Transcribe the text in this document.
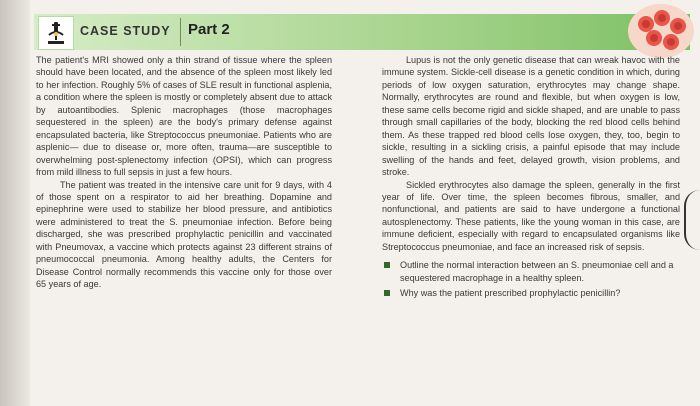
CASE STUDY Part 2

The patient's MRI showed only a thin strand of tissue where the spleen should have been located, and the absence of the spleen most likely led to her infection. Roughly 5% of cases of SLE result in functional asplenia, a condition where the spleen is mostly or completely absent due to attack by autoantibodies. Splenic macrophages (those macrophages sequestered in the spleen) are the body's primary defense against encapsulated bacteria, like Streptococcus pneumoniae. Patients who are asplenic— due to disease or, more often, trauma—are susceptible to overwhelming post-splenectomy infection (OPSI), which can progress from mild illness to full sepsis in just a few hours.

The patient was treated in the intensive care unit for 9 days, with 4 of those spent on a respirator to aid her breathing. Dopamine and epinephrine were used to stabilize her blood pressure, and antibiotics were administered to treat the S. pneumoniae infection. Before being discharged, she was prescribed prophylactic penicillin and vaccinated with Pneumovax, a vaccine which protects against 23 different strains of pneumococcal pneumonia. Among healthy adults, the Centers for Disease Control normally recommends this vaccine only for those over 65 years of age.

Lupus is not the only genetic disease that can wreak havoc with the immune system. Sickle-cell disease is a genetic condition in which, during periods of low oxygen saturation, erythrocytes may change shape. Normally, erythrocytes are round and flexible, but when oxygen is low, these same cells become rigid and sickle shaped, and are unable to pass through small capillaries of the body, blocking the red blood cells behind them. As these trapped red blood cells lose oxygen, they, too, begin to sickle, resulting in a sickling crisis, a painful episode that may include swelling of the hands and feet, delayed growth, vision problems, and stroke.

Sickled erythrocytes also damage the spleen, generally in the first year of life. Over time, the spleen becomes fibrous, smaller, and nonfunctional, and patients are said to have undergone a functional autosplenectomy. These patients, like the young woman in this case, are immune deficient, especially with regard to encapsulated organisms like Streptococcus pneumoniae, and face an increased risk of sepsis.

Outline the normal interaction between an S. pneumoniae cell and a sequestered macrophage in a healthy spleen.
Why was the patient prescribed prophylactic penicillin?
